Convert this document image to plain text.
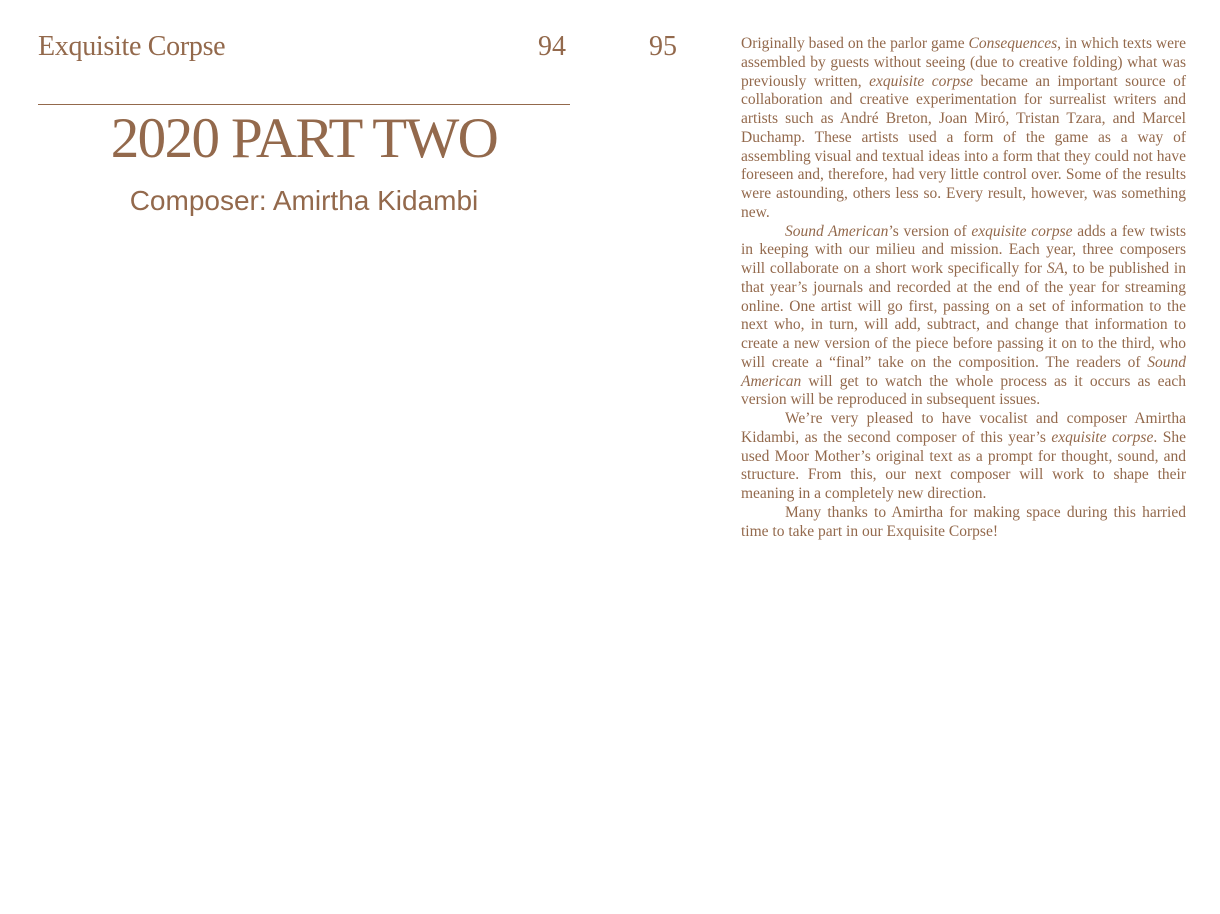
Exquisite Corpse	94	95
2020 PART TWO
Composer: Amirtha Kidambi

Originally based on the parlor game Consequences, in which texts were assembled by guests without seeing (due to creative folding) what was previously written, exquisite corpse became an important source of collaboration and creative experimentation for surrealist writers and artists such as André Breton, Joan Miró, Tristan Tzara, and Marcel Duchamp. These artists used a form of the game as a way of assembling visual and textual ideas into a form that they could not have foreseen and, therefore, had very little control over. Some of the results were astounding, others less so. Every result, however, was something new.

Sound American’s version of exquisite corpse adds a few twists in keeping with our milieu and mission. Each year, three composers will collaborate on a short work specifically for SA, to be published in that year’s journals and recorded at the end of the year for streaming online. One artist will go first, passing on a set of information to the next who, in turn, will add, subtract, and change that information to create a new version of the piece before passing it on to the third, who will create a “final” take on the composition. The readers of Sound American will get to watch the whole process as it occurs as each version will be reproduced in subsequent issues.

We’re very pleased to have vocalist and composer Amirtha Kidambi, as the second composer of this year’s exquisite corpse. She used Moor Mother’s original text as a prompt for thought, sound, and structure. From this, our next composer will work to shape their meaning in a completely new direction.

Many thanks to Amirtha for making space during this harried time to take part in our Exquisite Corpse!
